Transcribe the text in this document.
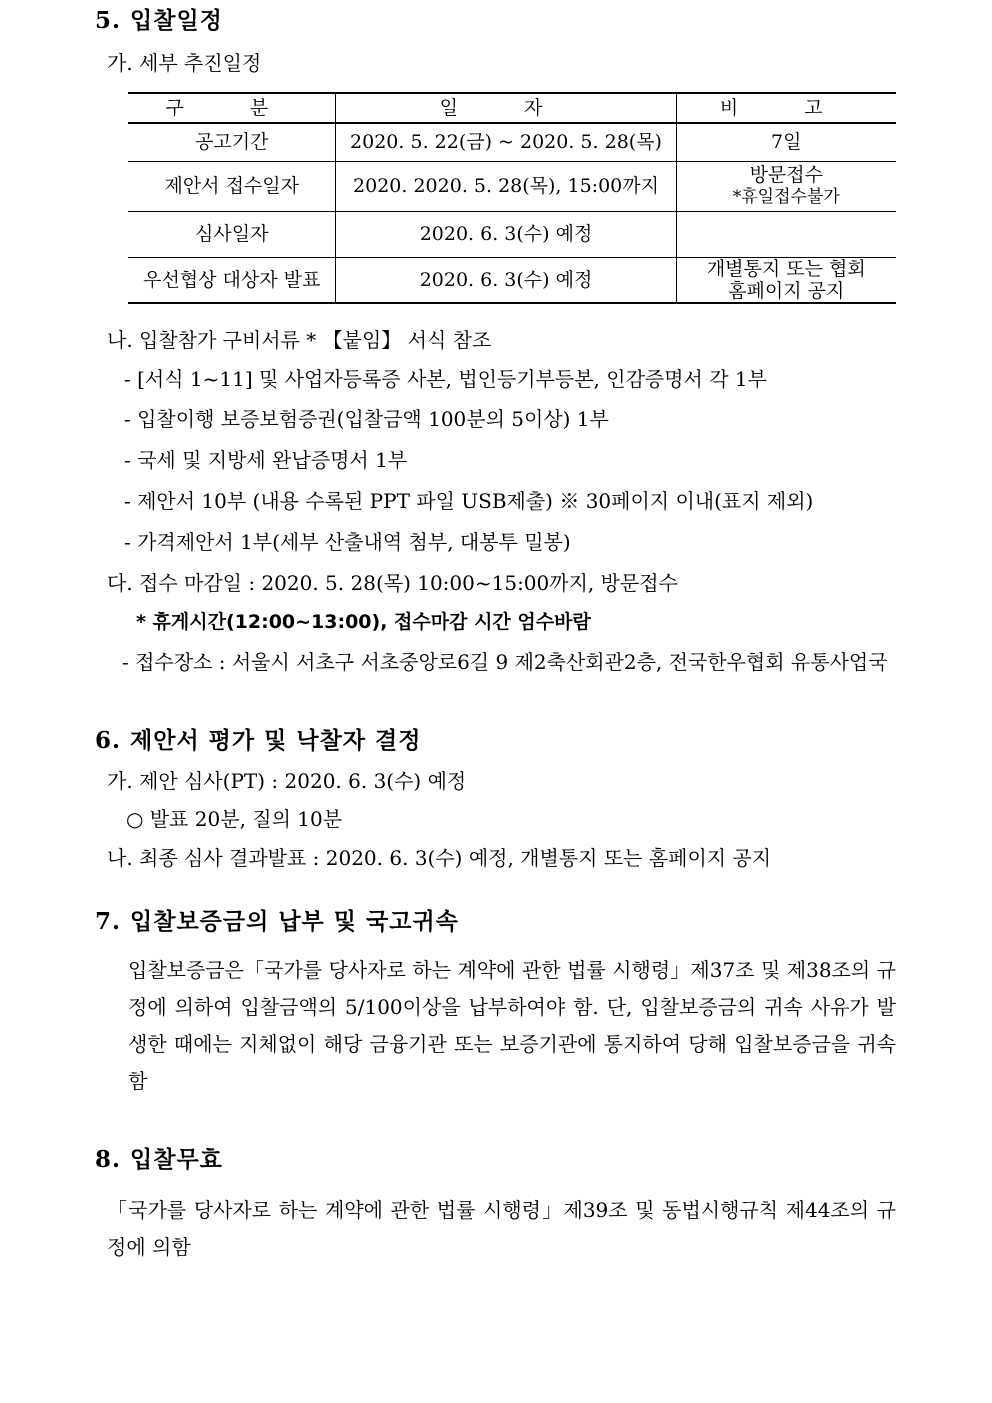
5. 입찰일정
가. 세부 추진일정
구 분	일 자	비 고
공고기간	2020. 5. 22(금) ~ 2020. 5. 28(목)	7일
제안서 접수일자	2020. 2020. 5. 28(목), 15:00까지	방문접수
*휴일접수불가

심사일자	2020. 6. 3(수) 예정	
우선협상 대상자 발표	2020. 6. 3(수) 예정	개별통지 또는 협회
홈페이지 공지
나. 입찰참가 구비서류 * 【붙임】 서식 참조
- [서식 1~11] 및 사업자등록증 사본, 법인등기부등본, 인감증명서 각 1부
- 입찰이행 보증보험증권(입찰금액 100분의 5이상) 1부
- 국세 및 지방세 완납증명서 1부
- 제안서 10부 (내용 수록된 PPT 파일 USB제출) ※ 30페이지 이내(표지 제외)
- 가격제안서 1부(세부 산출내역 첨부, 대봉투 밀봉)
다. 접수 마감일 : 2020. 5. 28(목) 10:00~15:00까지, 방문접수
* 휴게시간(12:00~13:00), 접수마감 시간 엄수바람
- 접수장소 : 서울시 서초구 서초중앙로6길 9 제2축산회관2층, 전국한우협회 유통사업국
6. 제안서 평가 및 낙찰자 결정
가. 제안 심사(PT) : 2020. 6. 3(수) 예정
○ 발표 20분, 질의 10분
나. 최종 심사 결과발표 : 2020. 6. 3(수) 예정, 개별통지 또는 홈페이지 공지
7. 입찰보증금의 납부 및 국고귀속
입찰보증금은「국가를 당사자로 하는 계약에 관한 법률 시행령」제37조 및 제38조의 규정에 의하여 입찰금액의 5/100이상을 납부하여야 함. 단, 입찰보증금의 귀속 사유가 발생한 때에는 지체없이 해당 금융기관 또는 보증기관에 통지하여 당해 입찰보증금을 귀속함
8. 입찰무효
「국가를 당사자로 하는 계약에 관한 법률 시행령」제39조 및 동법시행규칙 제44조의 규정에 의함
